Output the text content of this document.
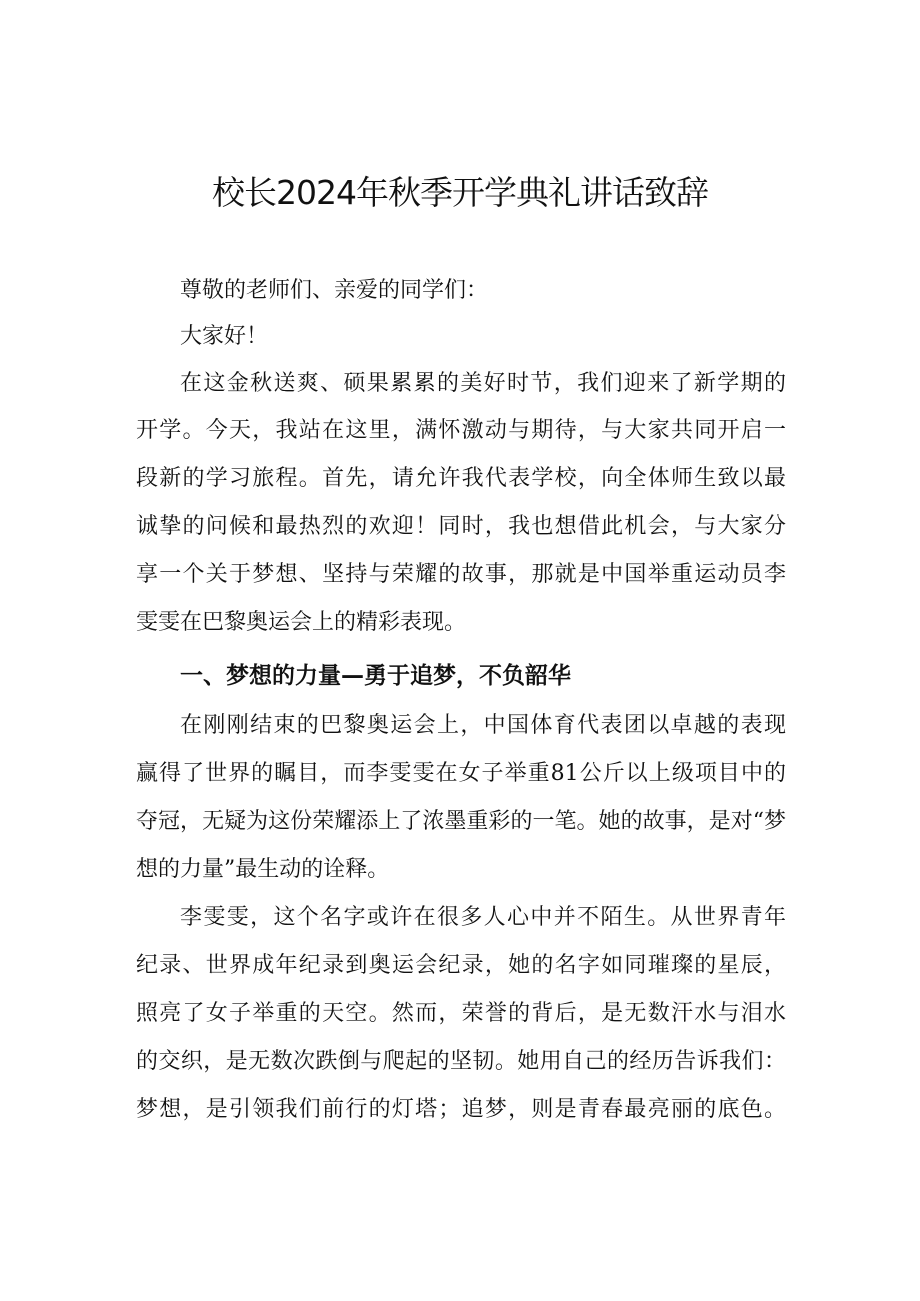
校长2024年秋季开学典礼讲话致辞

尊敬的老师们、亲爱的同学们：

大家好！

在这金秋送爽、硕果累累的美好时节，我们迎来了新学期的

开学。今天，我站在这里，满怀激动与期待，与大家共同开启一

段新的学习旅程。首先，请允许我代表学校，向全体师生致以最

诚挚的问候和最热烈的欢迎！同时，我也想借此机会，与大家分

享一个关于梦想、坚持与荣耀的故事，那就是中国举重运动员李

雯雯在巴黎奥运会上的精彩表现。

一、梦想的力量—勇于追梦，不负韶华

在刚刚结束的巴黎奥运会上，中国体育代表团以卓越的表现

赢得了世界的瞩目，而李雯雯在女子举重81公斤以上级项目中的

夺冠，无疑为这份荣耀添上了浓墨重彩的一笔。她的故事，是对“梦

想的力量”最生动的诠释。

李雯雯，这个名字或许在很多人心中并不陌生。从世界青年

纪录、世界成年纪录到奥运会纪录，她的名字如同璀璨的星辰，

照亮了女子举重的天空。然而，荣誉的背后，是无数汗水与泪水

的交织，是无数次跌倒与爬起的坚韧。她用自己的经历告诉我们：

梦想，是引领我们前行的灯塔；追梦，则是青春最亮丽的底色。
